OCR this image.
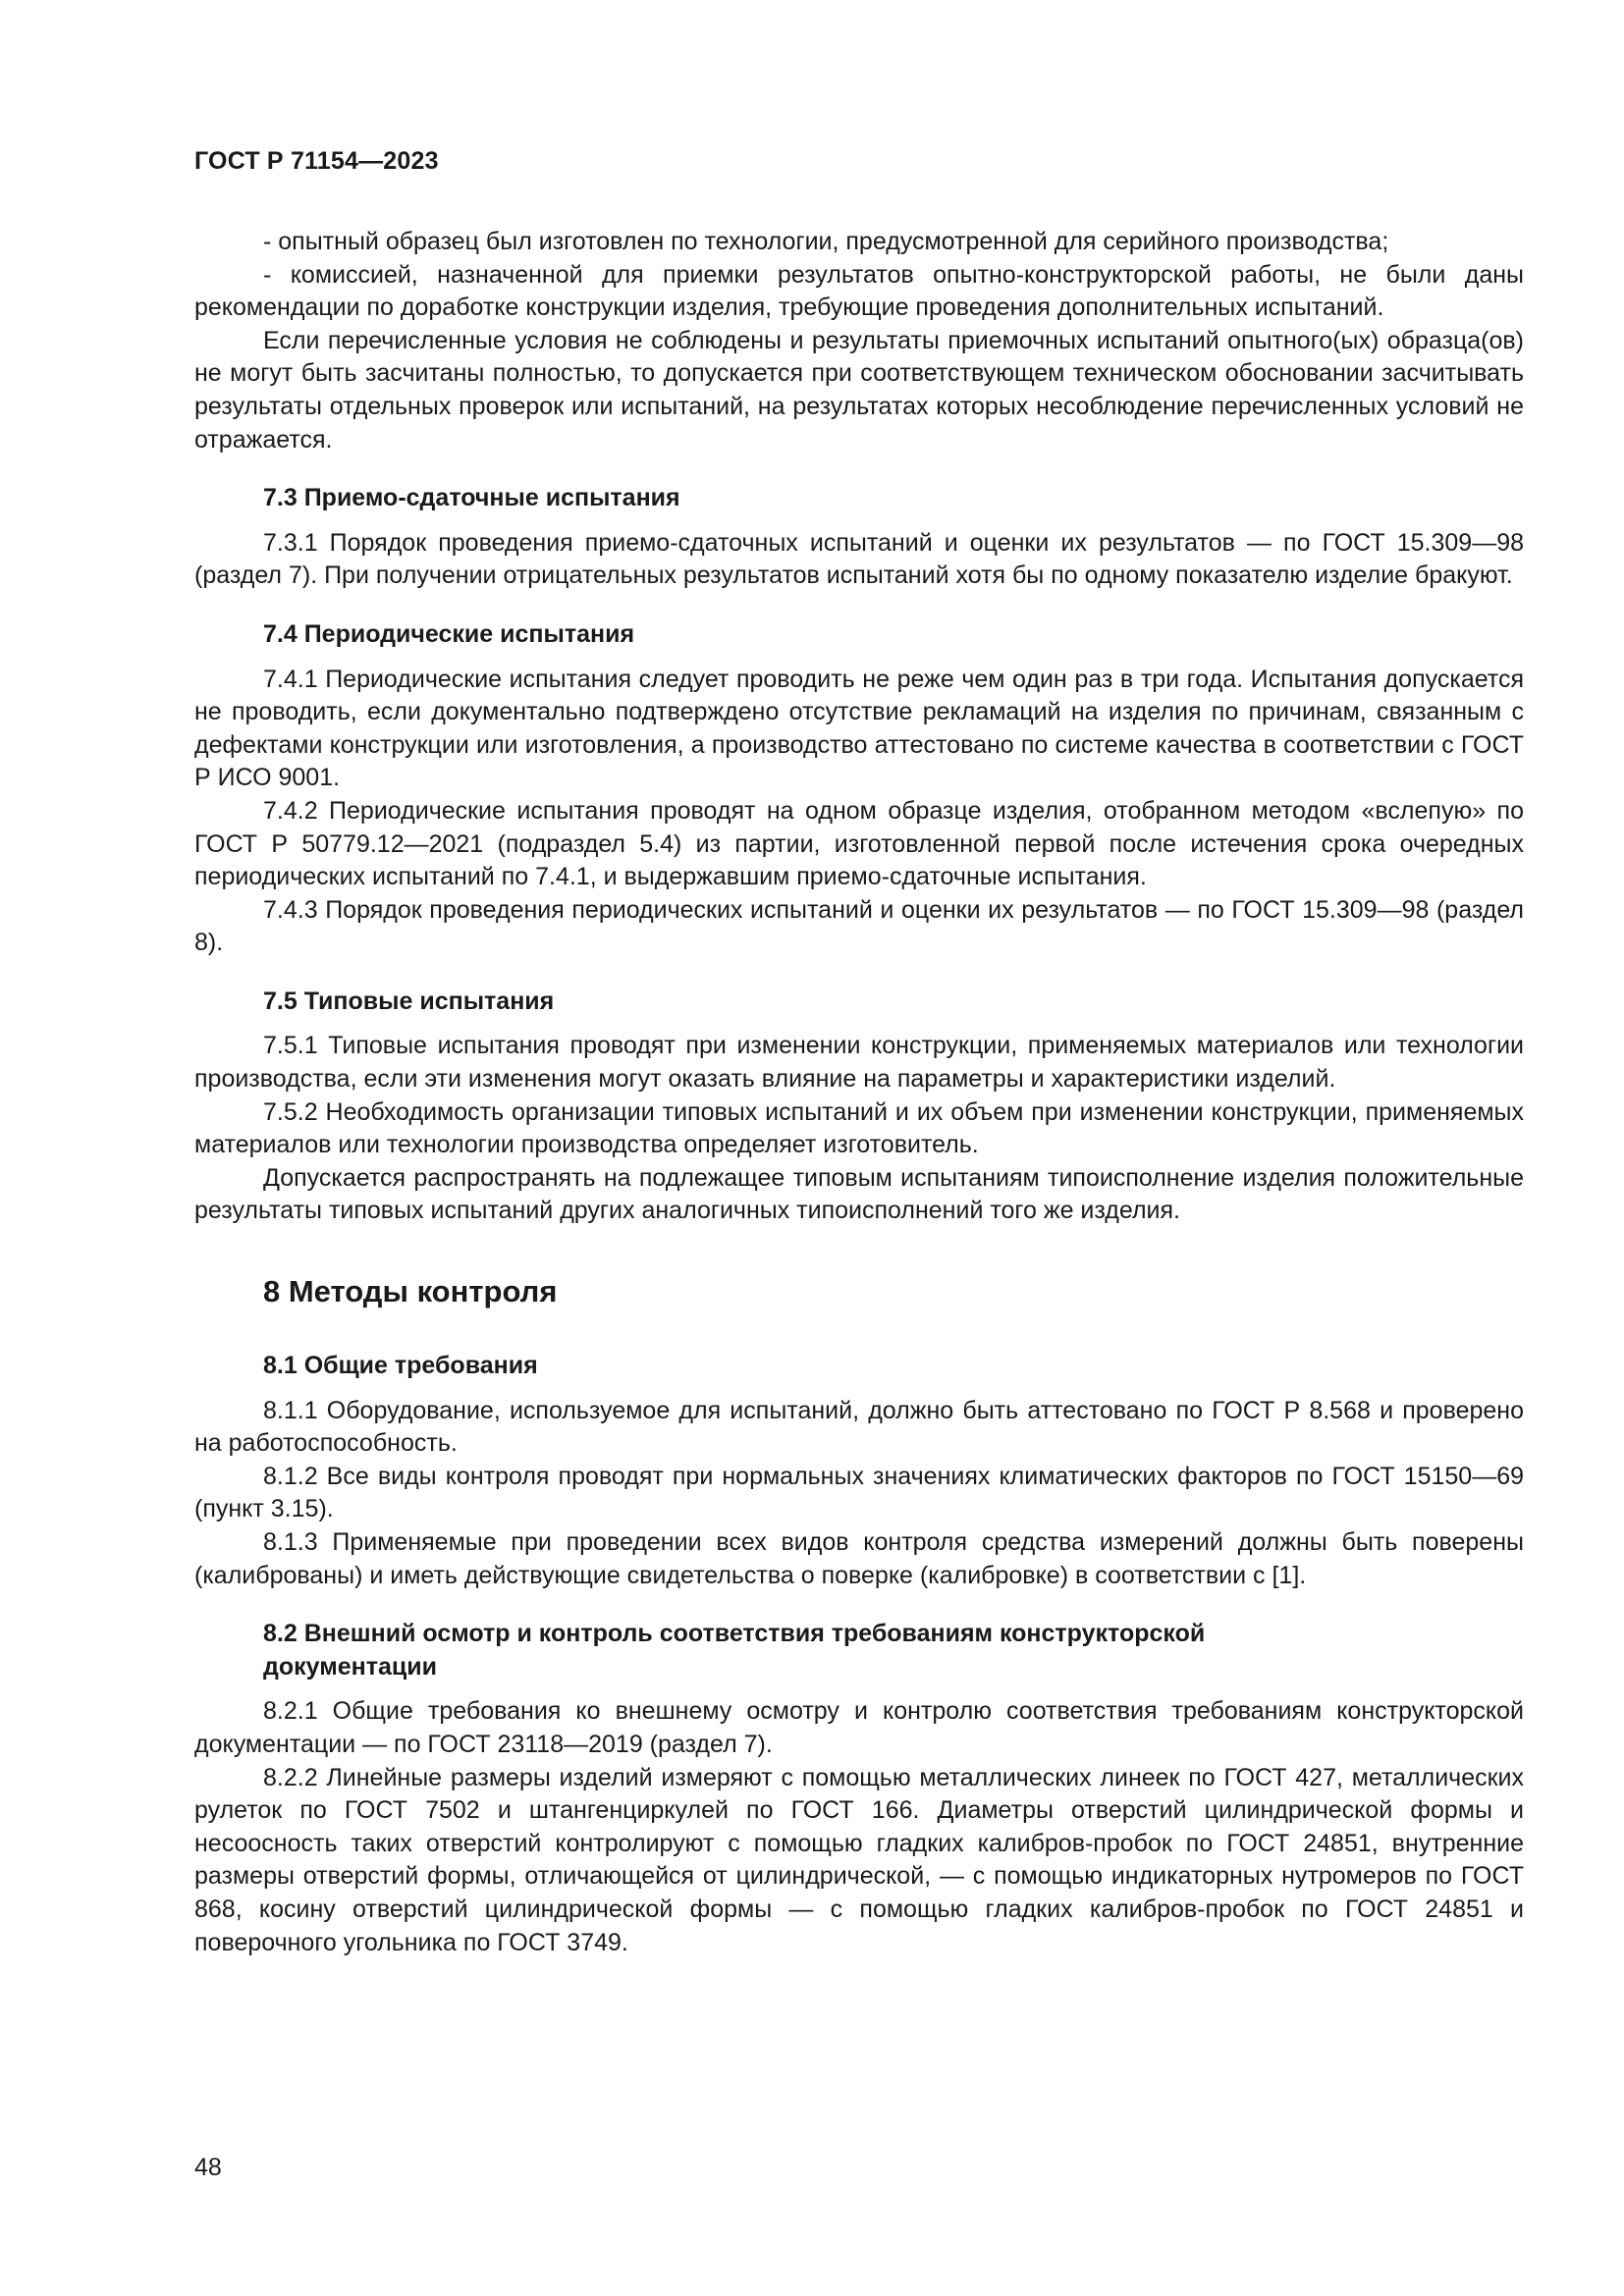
ГОСТ Р 71154—2023

- опытный образец был изготовлен по технологии, предусмотренной для серийного производства;

- комиссией, назначенной для приемки результатов опытно-конструкторской работы, не были даны рекомендации по доработке конструкции изделия, требующие проведения дополнительных испытаний.

Если перечисленные условия не соблюдены и результаты приемочных испытаний опытного(ых) образца(ов) не могут быть засчитаны полностью, то допускается при соответствующем техническом обосновании засчитывать результаты отдельных проверок или испытаний, на результатах которых несоблюдение перечисленных условий не отражается.

7.3 Приемо-сдаточные испытания

7.3.1 Порядок проведения приемо-сдаточных испытаний и оценки их результатов — по ГОСТ 15.309—98 (раздел 7). При получении отрицательных результатов испытаний хотя бы по одному показателю изделие бракуют.

7.4 Периодические испытания

7.4.1 Периодические испытания следует проводить не реже чем один раз в три года. Испытания допускается не проводить, если документально подтверждено отсутствие рекламаций на изделия по причинам, связанным с дефектами конструкции или изготовления, а производство аттестовано по системе качества в соответствии с ГОСТ Р ИСО 9001.

7.4.2 Периодические испытания проводят на одном образце изделия, отобранном методом «вслепую» по ГОСТ Р 50779.12—2021 (подраздел 5.4) из партии, изготовленной первой после истечения срока очередных периодических испытаний по 7.4.1, и выдержавшим приемо-сдаточные испытания.

7.4.3 Порядок проведения периодических испытаний и оценки их результатов — по ГОСТ 15.309—98 (раздел 8).

7.5 Типовые испытания

7.5.1 Типовые испытания проводят при изменении конструкции, применяемых материалов или технологии производства, если эти изменения могут оказать влияние на параметры и характеристики изделий.

7.5.2 Необходимость организации типовых испытаний и их объем при изменении конструкции, применяемых материалов или технологии производства определяет изготовитель.

Допускается распространять на подлежащее типовым испытаниям типоисполнение изделия положительные результаты типовых испытаний других аналогичных типоисполнений того же изделия.

8 Методы контроля
8.1 Общие требования

8.1.1 Оборудование, используемое для испытаний, должно быть аттестовано по ГОСТ Р 8.568 и проверено на работоспособность.

8.1.2 Все виды контроля проводят при нормальных значениях климатических факторов по ГОСТ 15150—69 (пункт 3.15).

8.1.3 Применяемые при проведении всех видов контроля средства измерений должны быть поверены (калиброваны) и иметь действующие свидетельства о поверке (калибровке) в соответствии с [1].

8.2 Внешний осмотр и контроль соответствия требованиям конструкторской документации

8.2.1 Общие требования ко внешнему осмотру и контролю соответствия требованиям конструкторской документации — по ГОСТ 23118—2019 (раздел 7).

8.2.2 Линейные размеры изделий измеряют с помощью металлических линеек по ГОСТ 427, металлических рулеток по ГОСТ 7502 и штангенциркулей по ГОСТ 166. Диаметры отверстий цилиндрической формы и несоосность таких отверстий контролируют с помощью гладких калибров-пробок по ГОСТ 24851, внутренние размеры отверстий формы, отличающейся от цилиндрической, — с помощью индикаторных нутромеров по ГОСТ 868, косину отверстий цилиндрической формы — с помощью гладких калибров-пробок по ГОСТ 24851 и поверочного угольника по ГОСТ 3749.

48
